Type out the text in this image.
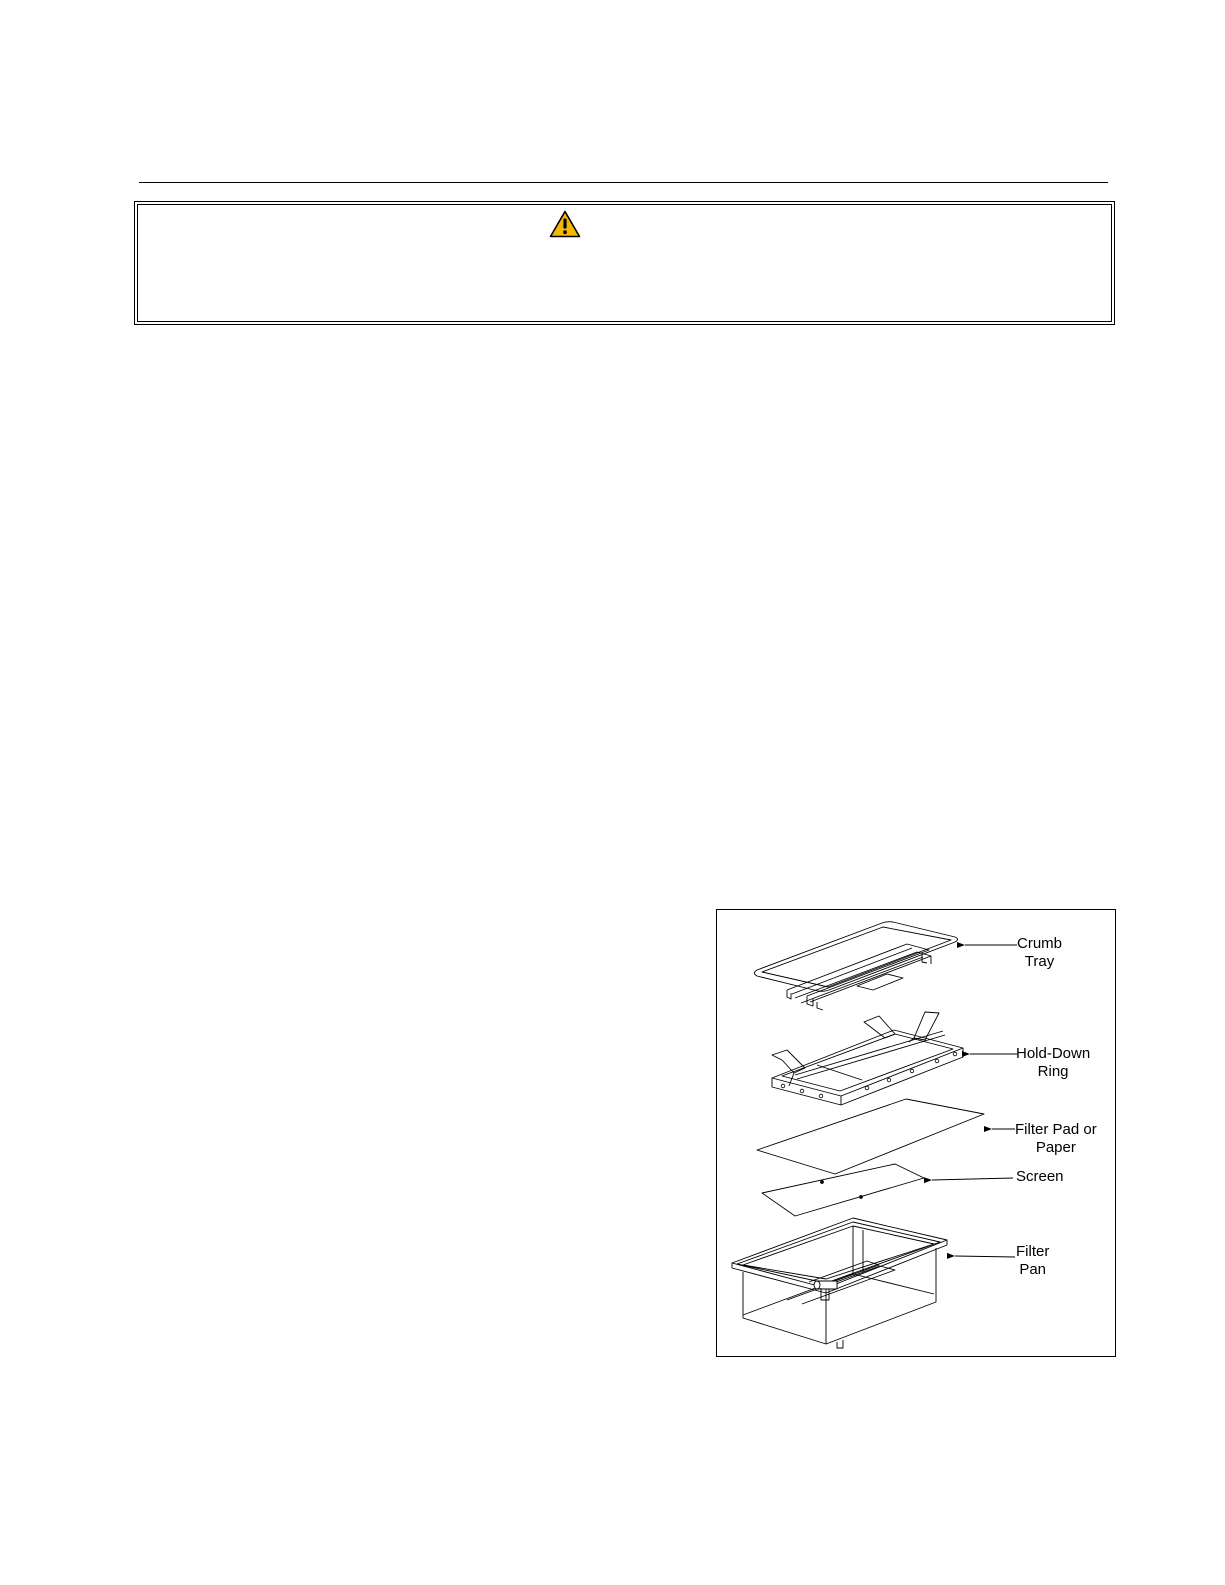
Crumb
Tray
Hold-Down
Ring
Filter Pad or
Paper
Screen
Filter
Pan
